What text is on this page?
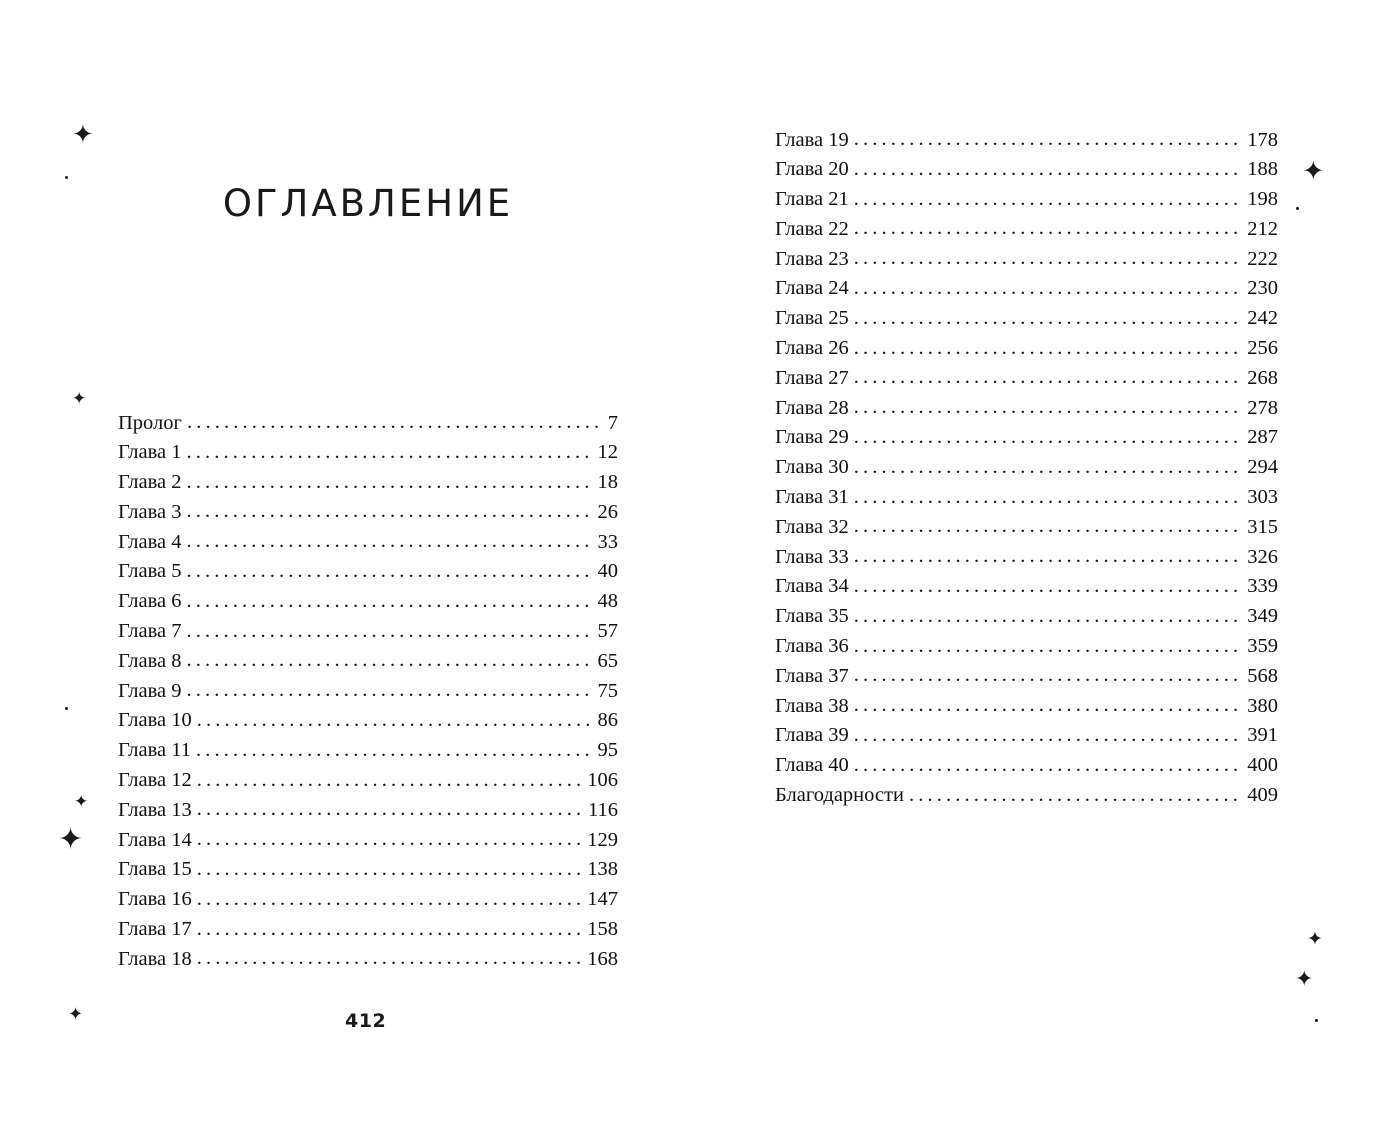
✦
✦
✦
✦
✦
✦
✦
✦
ОГЛАВЛЕНИЕ
Пролог . . .	7
Глава 1 . . .	12
Глава 2 . . .	18
Глава 3 . . .	26
Глава 4 . . .	33
Глава 5 . . .	40
Глава 6 . . .	48
Глава 7 . . .	57
Глава 8 . . .	65
Глава 9 . . .	75
Глава 10 . . .	86
Глава 11 . . .	95
Глава 12 . . .	106
Глава 13 . . .	116
Глава 14 . . .	129
Глава 15 . . .	138
Глава 16 . . .	147
Глава 17 . . .	158
Глава 18 . . .	168
Глава 19 . . .	178
Глава 20 . . .	188
Глава 21 . . .	198
Глава 22 . . .	212
Глава 23 . . .	222
Глава 24 . . .	230
Глава 25 . . .	242
Глава 26 . . .	256
Глава 27 . . .	268
Глава 28 . . .	278
Глава 29 . . .	287
Глава 30 . . .	294
Глава 31 . . .	303
Глава 32 . . .	315
Глава 33 . . .	326
Глава 34 . . .	339
Глава 35 . . .	349
Глава 36 . . .	359
Глава 37 . . .	568
Глава 38 . . .	380
Глава 39 . . .	391
Глава 40 . . .	400
Благодарности . . .	409
412
